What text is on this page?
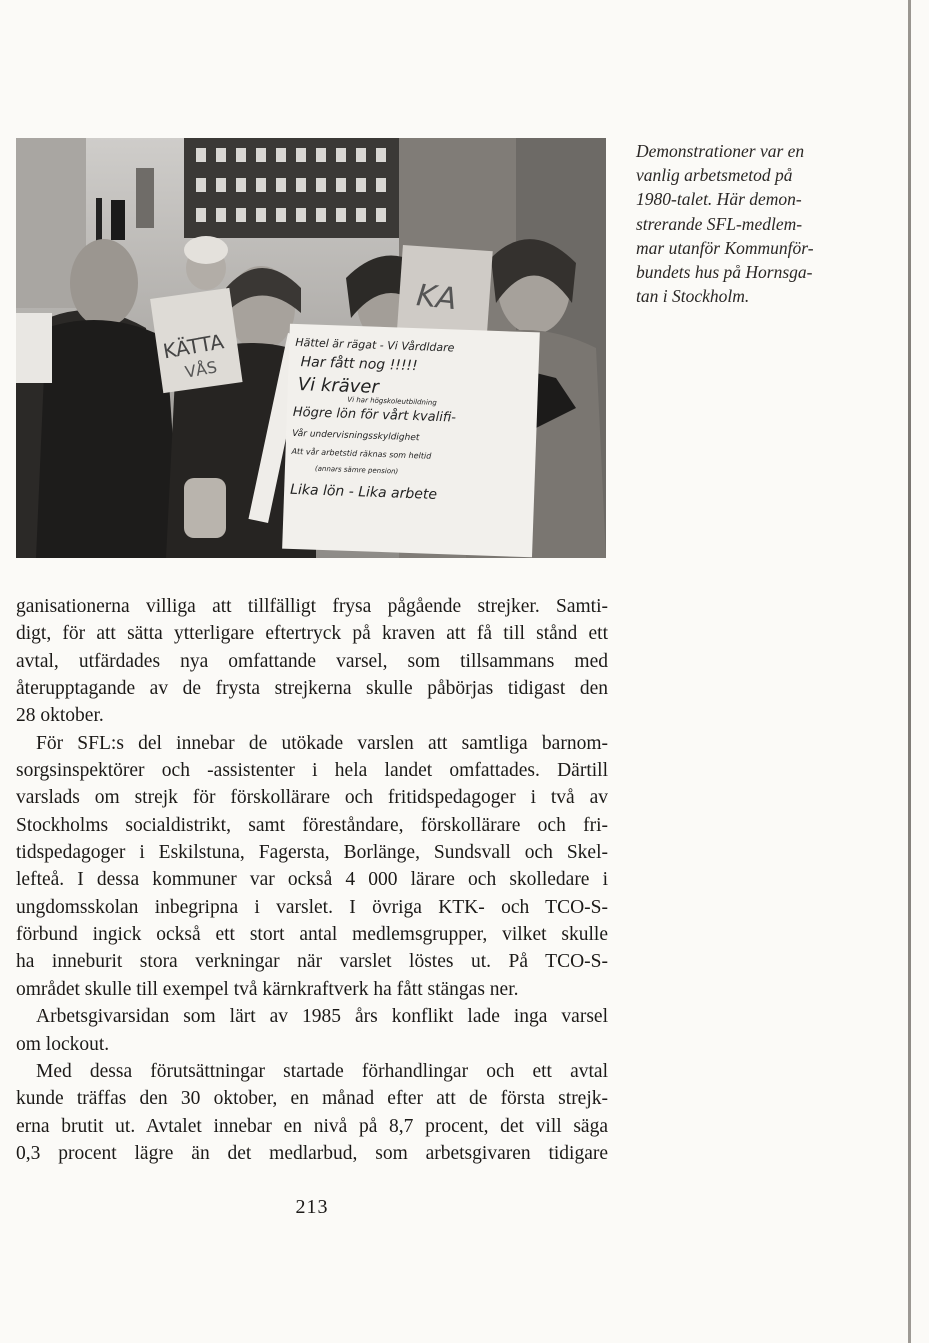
KÄTTA
VÅS
KA
Hättel är rägat - Vi Vårdldare
Har fått nog !!!!!
Vi kräver
Högre lön för vårt kvalifi-
Vi har högskoleutbildning
Vår undervisningsskyldighet
Att vår arbetstid räknas som heltid
(annars sämre pension)
Lika lön - Lika arbete
Demonstrationer var en
vanlig arbetsmetod på
1980-talet. Här demon-
strerande SFL-medlem-
mar utanför Kommunför-
bundets hus på Hornsga-
tan i Stockholm.
ganisationerna villiga att tillfälligt frysa pågående strejker. Samti-
digt, för att sätta ytterligare eftertryck på kraven att få till stånd ett
avtal, utfärdades nya omfattande varsel, som tillsammans med
återupptagande av de frysta strejkerna skulle påbörjas tidigast den
28 oktober.
För SFL:s del innebar de utökade varslen att samtliga barnom-
sorgsinspektörer och -assistenter i hela landet omfattades. Därtill
varslads om strejk för förskollärare och fritidspedagoger i två av
Stockholms socialdistrikt, samt föreståndare, förskollärare och fri-
tidspedagoger i Eskilstuna, Fagersta, Borlänge, Sundsvall och Skel-
lefteå. I dessa kommuner var också 4 000 lärare och skolledare i
ungdomsskolan inbegripna i varslet. I övriga KTK- och TCO-S-
förbund ingick också ett stort antal medlemsgrupper, vilket skulle
ha inneburit stora verkningar när varslet löstes ut. På TCO-S-
området skulle till exempel två kärnkraftverk ha fått stängas ner.
Arbetsgivarsidan som lärt av 1985 års konflikt lade inga varsel
om lockout.
Med dessa förutsättningar startade förhandlingar och ett avtal
kunde träffas den 30 oktober, en månad efter att de första strejk-
erna brutit ut. Avtalet innebar en nivå på 8,7 procent, det vill säga
0,3 procent lägre än det medlarbud, som arbetsgivaren tidigare
213
